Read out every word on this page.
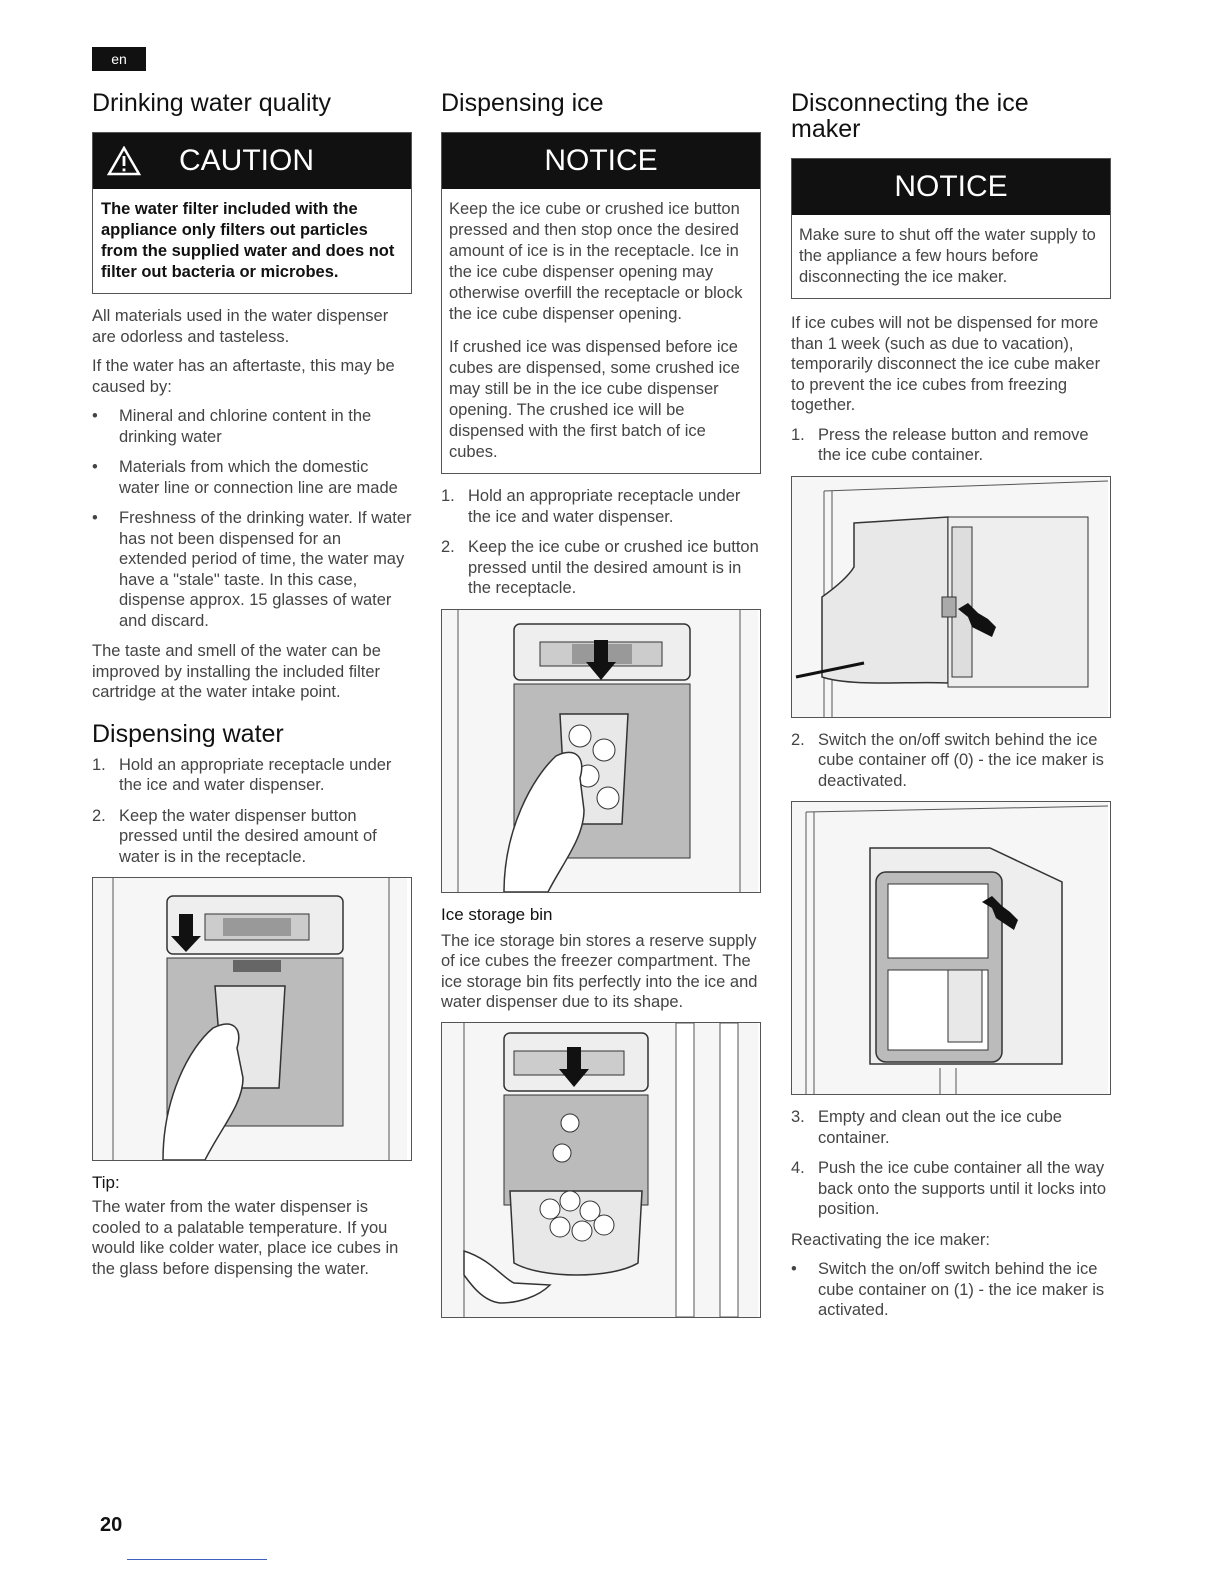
en
Drinking water quality
CAUTION
The water filter included with the appliance only filters out particles from the supplied water and does not filter out bacteria or microbes.

All materials used in the water dispenser are odorless and tasteless.

If the water has an aftertaste, this may be caused by:

• Mineral and chlorine content in the drinking water
• Materials from which the domestic water line or connection line are made
• Freshness of the drinking water. If water has not been dispensed for an extended period of time, the water may have a "stale" taste. In this case, dispense approx. 15 glasses of water and discard.

The taste and smell of the water can be improved by installing the included filter cartridge at the water intake point.

Dispensing water
1. Hold an appropriate receptacle under the ice and water dispenser.
2. Keep the water dispenser button pressed until the desired amount of water is in the receptacle.
Tip:

The water from the water dispenser is cooled to a palatable temperature. If you would like colder water, place ice cubes in the glass before dispensing the water.

Dispensing ice
NOTICE

Keep the ice cube or crushed ice button pressed and then stop once the desired amount of ice is in the receptacle. Ice in the ice cube dispenser opening may otherwise overfill the receptacle or block the ice cube dispenser opening.

If crushed ice was dispensed before ice cubes are dispensed, some crushed ice may still be in the ice cube dispenser opening. The crushed ice will be dispensed with the first batch of ice cubes.

1. Hold an appropriate receptacle under the ice and water dispenser.
2. Keep the ice cube or crushed ice button pressed until the desired amount is in the receptacle.
Ice storage bin

The ice storage bin stores a reserve supply of ice cubes the freezer compartment. The ice storage bin fits perfectly into the ice and water dispenser due to its shape.

Disconnecting the ice maker
NOTICE
Make sure to shut off the water supply to the appliance a few hours before disconnecting the ice maker.

If ice cubes will not be dispensed for more than 1 week (such as due to vacation), temporarily disconnect the ice cube maker to prevent the ice cubes from freezing together.

1. Press the release button and remove the ice cube container.
2. Switch the on/off switch behind the ice cube container off (0) - the ice maker is deactivated.
3. Empty and clean out the ice cube container.
4. Push the ice cube container all the way back onto the supports until it locks into position.

Reactivating the ice maker:

• Switch the on/off switch behind the ice cube container on (1) - the ice maker is activated.
20
